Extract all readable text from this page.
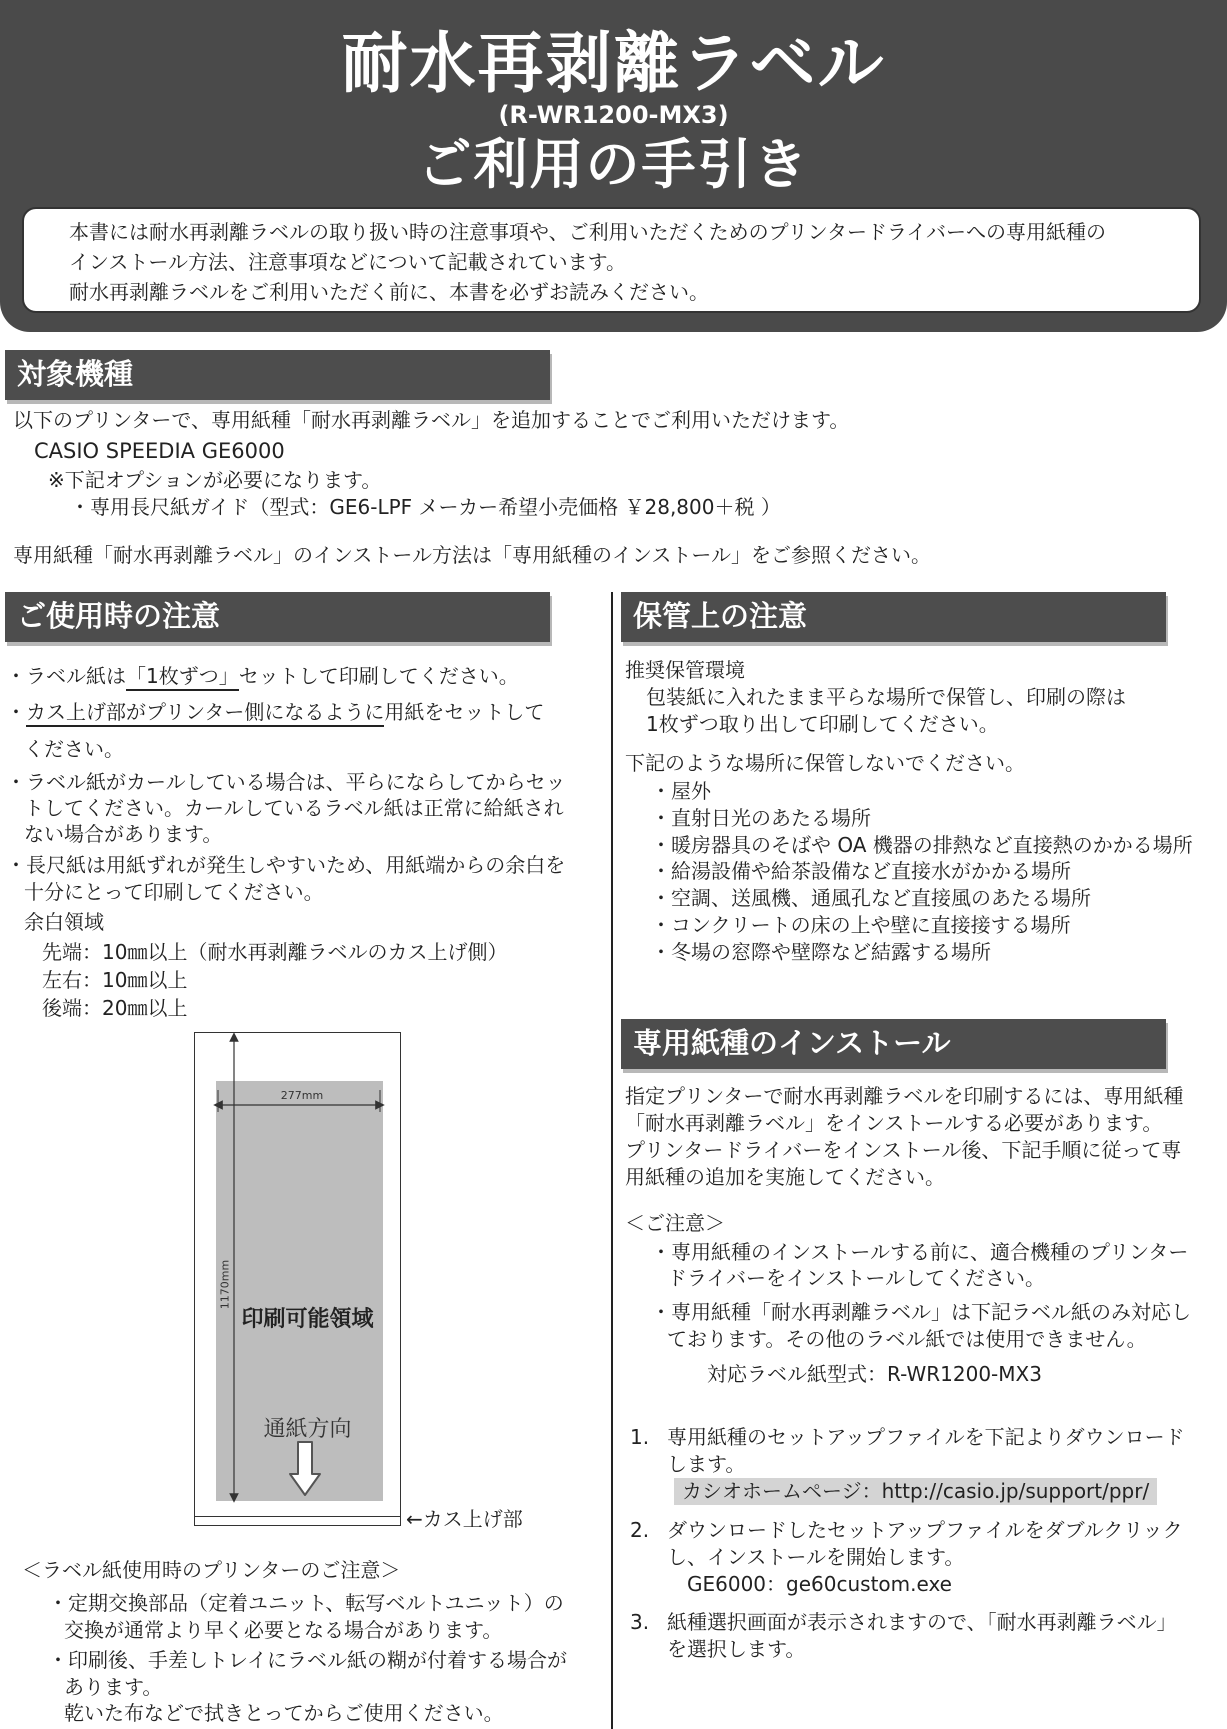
耐水再剥離ラベル
(R-WR1200-MX3)
ご利用の手引き
本書には耐水再剥離ラベルの取り扱い時の注意事項や、ご利用いただくためのプリンタードライバーへの専用紙種の
インストール方法、注意事項などについて記載されています。
耐水再剥離ラベルをご利用いただく前に、本書を必ずお読みください。
対象機種
以下のプリンターで、専用紙種「耐水再剥離ラベル」を追加することでご利用いただけます。
CASIO SPEEDIA GE6000
※下記オプションが必要になります。
・専用長尺紙ガイド（型式：GE6-LPF メーカー希望小売価格 ￥28,800＋税 ）
専用紙種「耐水再剥離ラベル」のインストール方法は「専用紙種のインストール」をご参照ください。
ご使用時の注意
・ラベル紙は「1枚ずつ」セットして印刷してください。
・カス上げ部がプリンター側になるように用紙をセットして
ください。
・ラベル紙がカールしている場合は、平らにならしてからセッ
トしてください。カールしているラベル紙は正常に給紙され
ない場合があります。
・長尺紙は用紙ずれが発生しやすいため、用紙端からの余白を
十分にとって印刷してください。
余白領域
先端：10㎜以上（耐水再剥離ラベルのカス上げ側）
左右：10㎜以上
後端：20㎜以上
277mm
1170mm
印刷可能領域
通紙方向
←カス上げ部
＜ラベル紙使用時のプリンターのご注意＞
・定期交換部品（定着ユニット、転写ベルトユニット）の
交換が通常より早く必要となる場合があります。
・印刷後、手差しトレイにラベル紙の糊が付着する場合が
あります。
乾いた布などで拭きとってからご使用ください。
保管上の注意
推奨保管環境
包装紙に入れたまま平らな場所で保管し、印刷の際は
1枚ずつ取り出して印刷してください。
下記のような場所に保管しないでください。
・屋外
・直射日光のあたる場所
・暖房器具のそばや OA 機器の排熱など直接熱のかかる場所
・給湯設備や給茶設備など直接水がかかる場所
・空調、送風機、通風孔など直接風のあたる場所
・コンクリートの床の上や壁に直接接する場所
・冬場の窓際や壁際など結露する場所
専用紙種のインストール
指定プリンターで耐水再剥離ラベルを印刷するには、専用紙種
「耐水再剥離ラベル」をインストールする必要があります。
プリンタードライバーをインストール後、下記手順に従って専
用紙種の追加を実施してください。
＜ご注意＞
・専用紙種のインストールする前に、適合機種のプリンター
ドライバーをインストールしてください。
・専用紙種「耐水再剥離ラベル」は下記ラベル紙のみ対応し
ております。その他のラベル紙では使用できません。
対応ラベル紙型式：R-WR1200-MX3
1. 専用紙種のセットアップファイルを下記よりダウンロード
します。
カシオホームページ：http://casio.jp/support/ppr/
2. ダウンロードしたセットアップファイルをダブルクリック
し、インストールを開始します。
GE6000：ge60custom.exe
3. 紙種選択画面が表示されますので、「耐水再剥離ラベル」
を選択します。
